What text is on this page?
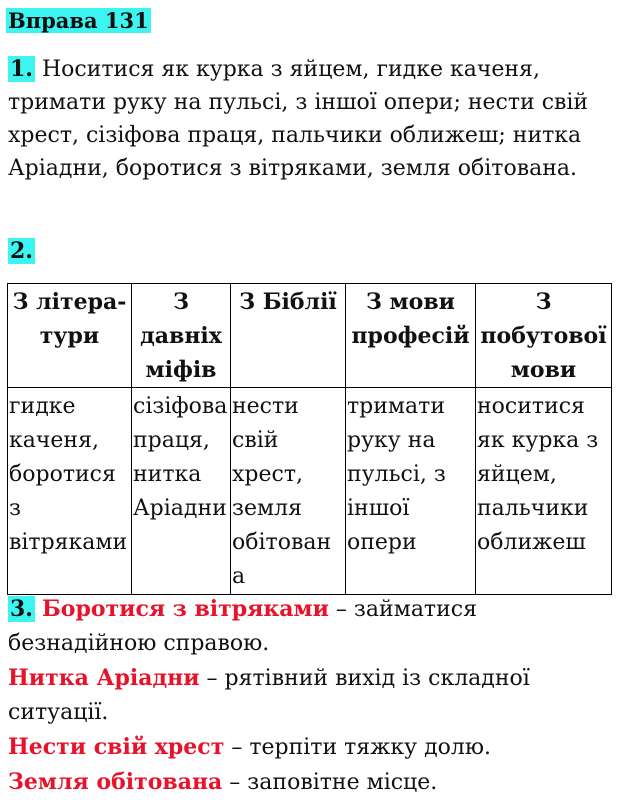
Вправа 131
1. Носитися як курка з яйцем, гидке каченя, тримати руку на пульсі, з іншої опери; нести свій хрест, сізіфова праця, пальчики оближеш; нитка Аріадни, боротися з вітряками, земля обітована.
2.
З літера-тури	З давніх міфів	З Біблії	З мови професій	З побутової мови
гидке каченя, боротися з вітряками	сізіфова праця, нитка Аріадни	нести свій хрест, земля обітована	тримати руку на пульсі, з іншої опери	носитися як курка з яйцем, пальчики оближеш
3. Боротися з вітряками – займатися безнадійною справою.
Нитка Аріадни – рятівний вихід із складної ситуації.
Нести свій хрест – терпіти тяжку долю.
Земля обітована – заповітне місце.
